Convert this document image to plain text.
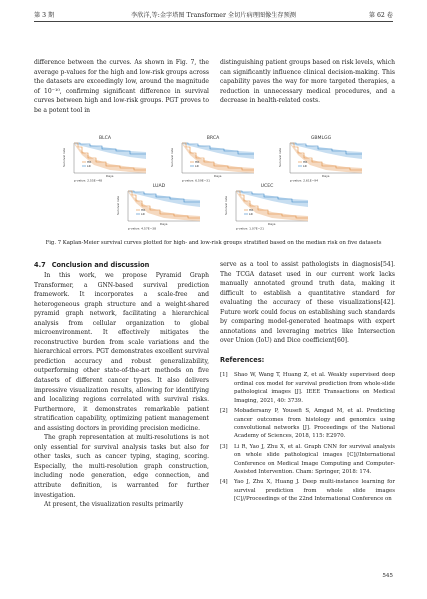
第 3 期	李欣洋,等:金字塔图 Transformer 全切片病理图像生存预测	第 62 卷

difference between the curves. As shown in Fig. 7, the average p-values for the high and low-risk groups across the datasets are exceedingly low, around the magnitude of 10⁻¹⁰, confirming significant difference in survival curves between high and low-risk groups. PGT proves to be a potent tool in

distinguishing patient groups based on risk levels, which can significantly influence clinical decision-making. This capability paves the way for more targeted therapies, a reduction in unnecessary medical procedures, and a decrease in health-related costs.

HR
LR
Survival rate
Days
p-value: 2.55E−48
BLCA
HR
LR
Survival rate
Days
p-value: 6.59E−31
BRCA
HR
LR
Survival rate
Days
p-value: 2.61E−94
GBMLGG
HR
LR
Survival rate
Days
p-value: 4.57E−38
LUAD
HR
LR
Survival rate
Days
p-value: 1.07E−21
UCEC
Fig. 7 Kaplan-Meier survival curves plotted for high- and low-risk groups stratified based on the median risk on five datasets
4.7 Conclusion and discussion

In this work, we propose Pyramid Graph Transformer, a GNN-based survival prediction framework. It incorporates a scale-free and heterogeneous graph structure and a weight-shared pyramid graph network, facilitating a hierarchical analysis from cellular organization to global microenvironment. It effectively mitigates the reconstructive burden from scale variations and the hierarchical errors. PGT demonstrates excellent survival prediction accuracy and robust generalizability, outperforming other state-of-the-art methods on five datasets of different cancer types. It also delivers impressive visualization results, allowing for identifying and localizing regions correlated with survival risks. Furthermore, it demonstrates remarkable patient stratification capability, optimizing patient management and assisting doctors in providing precision medicine.

The graph representation at multi-resolutions is not only essential for survival analysis tasks but also for other tasks, such as cancer typing, staging, scoring. Especially, the multi-resolution graph construction, including node generation, edge connection, and attribute definition, is warranted for further investigation.

At present, the visualization results primarily

serve as a tool to assist pathologists in diagnosis[54]. The TCGA dataset used in our current work lacks manually annotated ground truth data, making it difficult to establish a quantitative standard for evaluating the accuracy of these visualizations[42]. Future work could focus on establishing such standards by comparing model-generated heatmaps with expert annotations and leveraging metrics like Intersection over Union (IoU) and Dice coefficient[60].

References:
[1]	Shao W, Wang T, Huang Z, et al. Weakly supervised deep ordinal cox model for survival prediction from whole-slide pathological images [J]. IEEE Transactions on Medical Imaging, 2021, 40: 3739.
[2]	Mobadersany P, Yousefi S, Amgad M, et al. Predicting cancer outcomes from histology and genomics using convolutional networks [J]. Proceedings of the National Academy of Sciences, 2018, 115: E2970.
[3]	Li R, Yao J, Zhu X, et al. Graph CNN for survival analysis on whole slide pathological images [C]//International Conference on Medical Image Computing and Computer-Assisted Intervention. Cham: Springer, 2018: 174.
[4]	Yao J, Zhu X, Huang J. Deep multi-instance learning for survival prediction from whole slide images [C]//Proceedings of the 22nd International Conference on
545
